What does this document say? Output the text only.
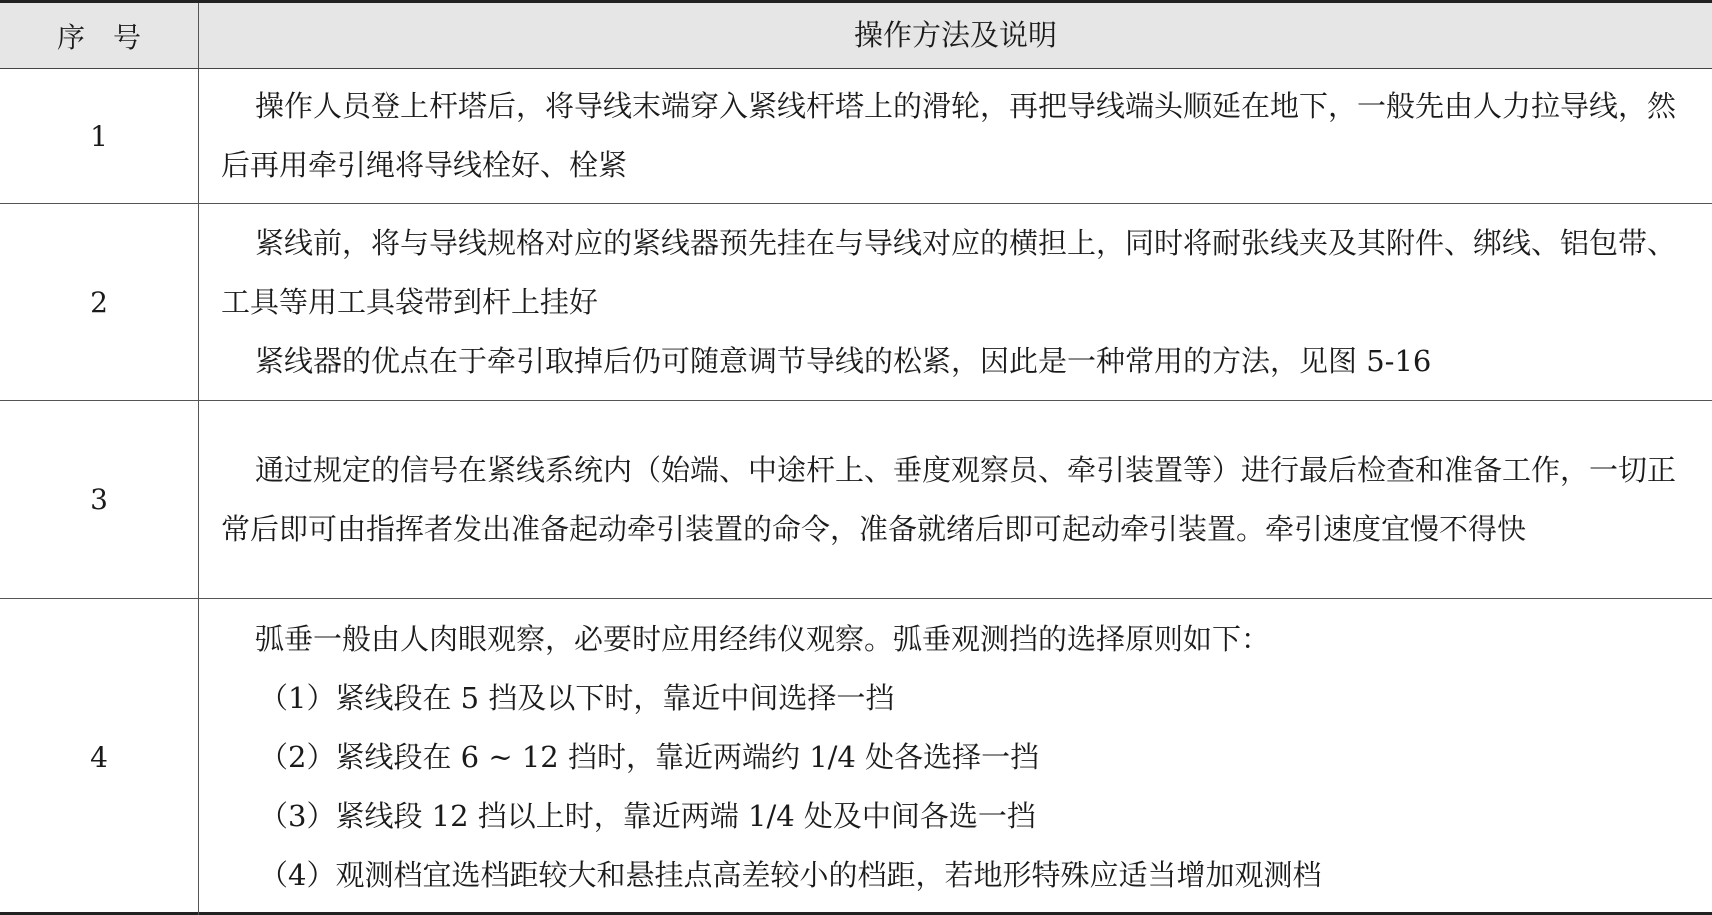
序号	操作方法及说明
1

操作人员登上杆塔后，将导线末端穿入紧线杆塔上的滑轮，再把导线端头顺延在地下，一般先由人力拉导线，然后再用牵引绳将导线栓好、栓紧

2

紧线前，将与导线规格对应的紧线器预先挂在与导线对应的横担上，同时将耐张线夹及其附件、绑线、铝包带、工具等用工具袋带到杆上挂好

紧线器的优点在于牵引取掉后仍可随意调节导线的松紧，因此是一种常用的方法，见图 5-16

3

通过规定的信号在紧线系统内（始端、中途杆上、垂度观察员、牵引装置等）进行最后检查和准备工作，一切正常后即可由指挥者发出准备起动牵引装置的命令，准备就绪后即可起动牵引装置。牵引速度宜慢不得快

4

弧垂一般由人肉眼观察，必要时应用经纬仪观察。弧垂观测挡的选择原则如下：

（1）紧线段在 5 挡及以下时，靠近中间选择一挡

（2）紧线段在 6 ~ 12 挡时，靠近两端约 1/4 处各选择一挡

（3）紧线段 12 挡以上时，靠近两端 1/4 处及中间各选一挡

（4）观测档宜选档距较大和悬挂点高差较小的档距，若地形特殊应适当增加观测档
